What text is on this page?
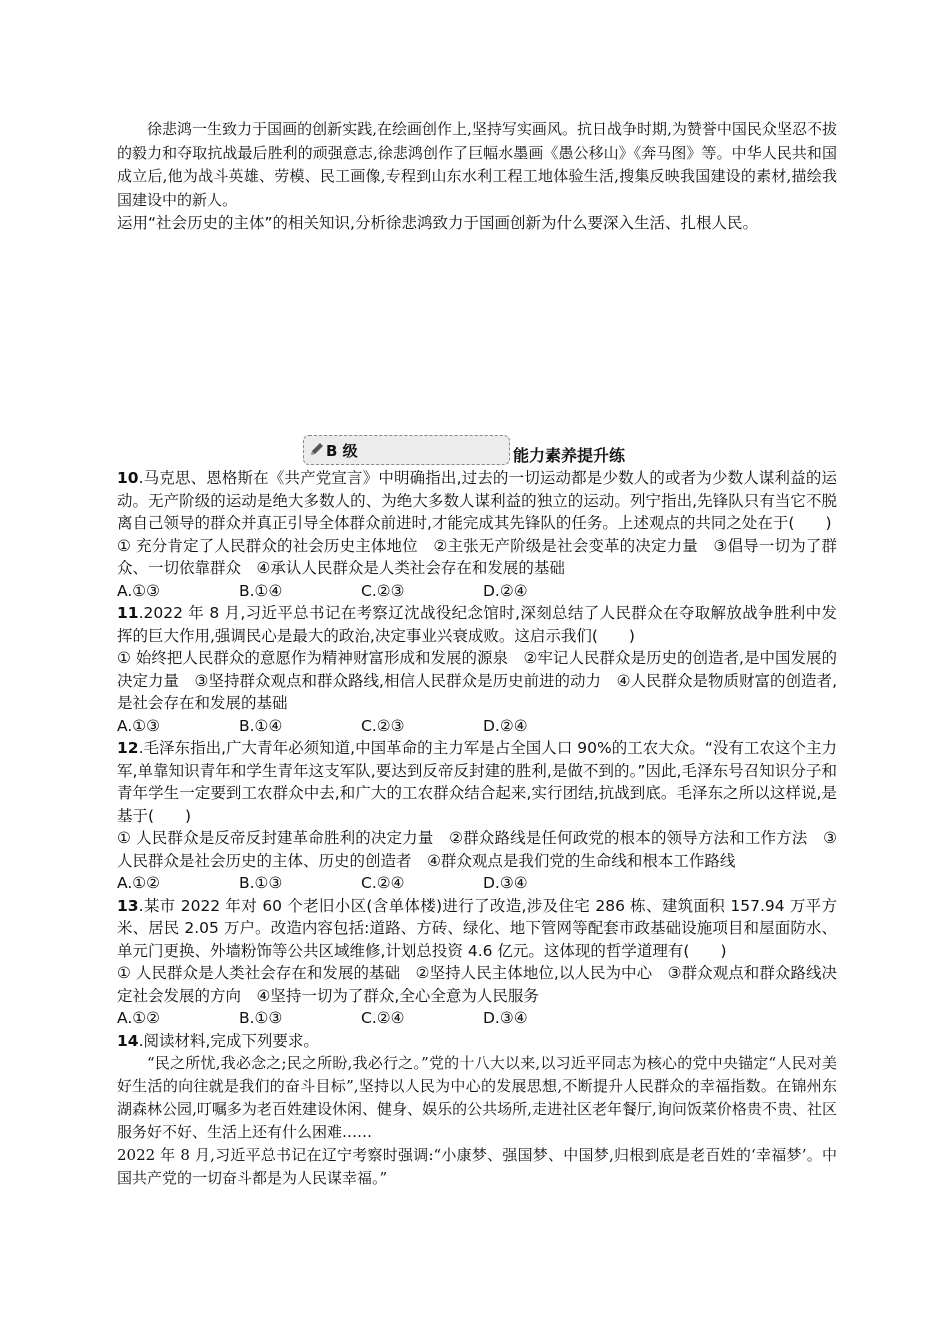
徐悲鸿一生致力于国画的创新实践,在绘画创作上,坚持写实画风。抗日战争时期,为赞誉中国民众坚忍不拔的毅力和夺取抗战最后胜利的顽强意志,徐悲鸿创作了巨幅水墨画《愚公移山》《奔马图》等。中华人民共和国成立后,他为战斗英雄、劳模、民工画像,专程到山东水利工程工地体验生活,搜集反映我国建设的素材,描绘我国建设中的新人。

运用“社会历史的主体”的相关知识,分析徐悲鸿致力于国画创新为什么要深入生活、扎根人民。
B 级	能力素养提升练

10.马克思、恩格斯在《共产党宣言》中明确指出,过去的一切运动都是少数人的或者为少数人谋利益的运动。无产阶级的运动是绝大多数人的、为绝大多数人谋利益的独立的运动。列宁指出,先锋队只有当它不脱离自己领导的群众并真正引导全体群众前进时,才能完成其先锋队的任务。上述观点的共同之处在于(　　)

① 充分肯定了人民群众的社会历史主体地位　②主张无产阶级是社会变革的决定力量　③倡导一切为了群众、一切依靠群众　④承认人民群众是人类社会存在和发展的基础

A.①③	B.①④	C.②③	D.②④

11.2022 年 8 月,习近平总书记在考察辽沈战役纪念馆时,深刻总结了人民群众在夺取解放战争胜利中发挥的巨大作用,强调民心是最大的政治,决定事业兴衰成败。这启示我们(　　)

① 始终把人民群众的意愿作为精神财富形成和发展的源泉　②牢记人民群众是历史的创造者,是中国发展的决定力量　③坚持群众观点和群众路线,相信人民群众是历史前进的动力　④人民群众是物质财富的创造者,是社会存在和发展的基础

A.①③	B.①④	C.②③	D.②④

12.毛泽东指出,广大青年必须知道,中国革命的主力军是占全国人口 90%的工农大众。“没有工农这个主力军,单靠知识青年和学生青年这支军队,要达到反帝反封建的胜利,是做不到的。”因此,毛泽东号召知识分子和青年学生一定要到工农群众中去,和广大的工农群众结合起来,实行团结,抗战到底。毛泽东之所以这样说,是基于(　　)

① 人民群众是反帝反封建革命胜利的决定力量　②群众路线是任何政党的根本的领导方法和工作方法　③人民群众是社会历史的主体、历史的创造者　④群众观点是我们党的生命线和根本工作路线

A.①②	B.①③	C.②④	D.③④

13.某市 2022 年对 60 个老旧小区(含单体楼)进行了改造,涉及住宅 286 栋、建筑面积 157.94 万平方米、居民 2.05 万户。改造内容包括:道路、方砖、绿化、地下管网等配套市政基础设施项目和屋面防水、单元门更换、外墙粉饰等公共区域维修,计划总投资 4.6 亿元。这体现的哲学道理有(　　)

① 人民群众是人类社会存在和发展的基础　②坚持人民主体地位,以人民为中心　③群众观点和群众路线决定社会发展的方向　④坚持一切为了群众,全心全意为人民服务

A.①②	B.①③	C.②④	D.③④

14.阅读材料,完成下列要求。

“民之所忧,我必念之;民之所盼,我必行之。”党的十八大以来,以习近平同志为核心的党中央锚定“人民对美好生活的向往就是我们的奋斗目标”,坚持以人民为中心的发展思想,不断提升人民群众的幸福指数。在锦州东湖森林公园,叮嘱多为老百姓建设休闲、健身、娱乐的公共场所,走进社区老年餐厅,询问饭菜价格贵不贵、社区服务好不好、生活上还有什么困难……

2022 年 8 月,习近平总书记在辽宁考察时强调:“小康梦、强国梦、中国梦,归根到底是老百姓的‘幸福梦’。中国共产党的一切奋斗都是为人民谋幸福。”
